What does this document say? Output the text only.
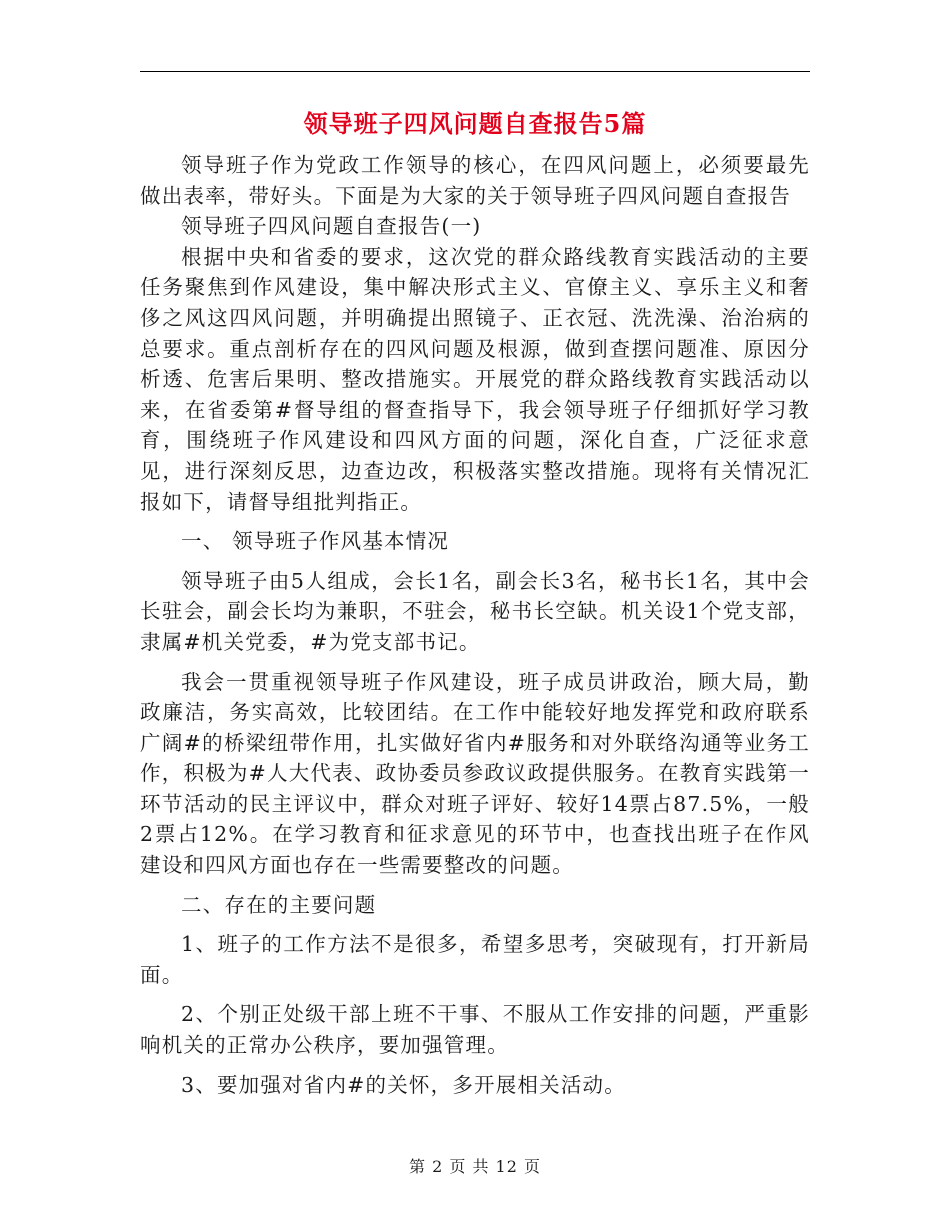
领导班子四风问题自查报告5篇

领导班子作为党政工作领导的核心，在四风问题上，必须要最先做出表率，带好头。下面是为大家的关于领导班子四风问题自查报告

领导班子四风问题自查报告(一)

根据中央和省委的要求，这次党的群众路线教育实践活动的主要任务聚焦到作风建设，集中解决形式主义、官僚主义、享乐主义和奢侈之风这四风问题，并明确提出照镜子、正衣冠、洗洗澡、治治病的总要求。重点剖析存在的四风问题及根源，做到查摆问题准、原因分析透、危害后果明、整改措施实。开展党的群众路线教育实践活动以来，在省委第#督导组的督查指导下，我会领导班子仔细抓好学习教育，围绕班子作风建设和四风方面的问题，深化自查，广泛征求意见，进行深刻反思，边查边改，积极落实整改措施。现将有关情况汇报如下，请督导组批判指正。

一、 领导班子作风基本情况

领导班子由5人组成，会长1名，副会长3名，秘书长1名，其中会长驻会，副会长均为兼职，不驻会，秘书长空缺。机关设1个党支部，隶属#机关党委，#为党支部书记。

我会一贯重视领导班子作风建设，班子成员讲政治，顾大局，勤政廉洁，务实高效，比较团结。在工作中能较好地发挥党和政府联系广阔#的桥梁纽带作用，扎实做好省内#服务和对外联络沟通等业务工作，积极为#人大代表、政协委员参政议政提供服务。在教育实践第一环节活动的民主评议中，群众对班子评好、较好14票占87.5%，一般2票占12%。在学习教育和征求意见的环节中，也查找出班子在作风建设和四风方面也存在一些需要整改的问题。

二、存在的主要问题

1、班子的工作方法不是很多，希望多思考，突破现有，打开新局面。

2、个别正处级干部上班不干事、不服从工作安排的问题，严重影响机关的正常办公秩序，要加强管理。

3、要加强对省内#的关怀，多开展相关活动。

第 2 页 共 12 页
